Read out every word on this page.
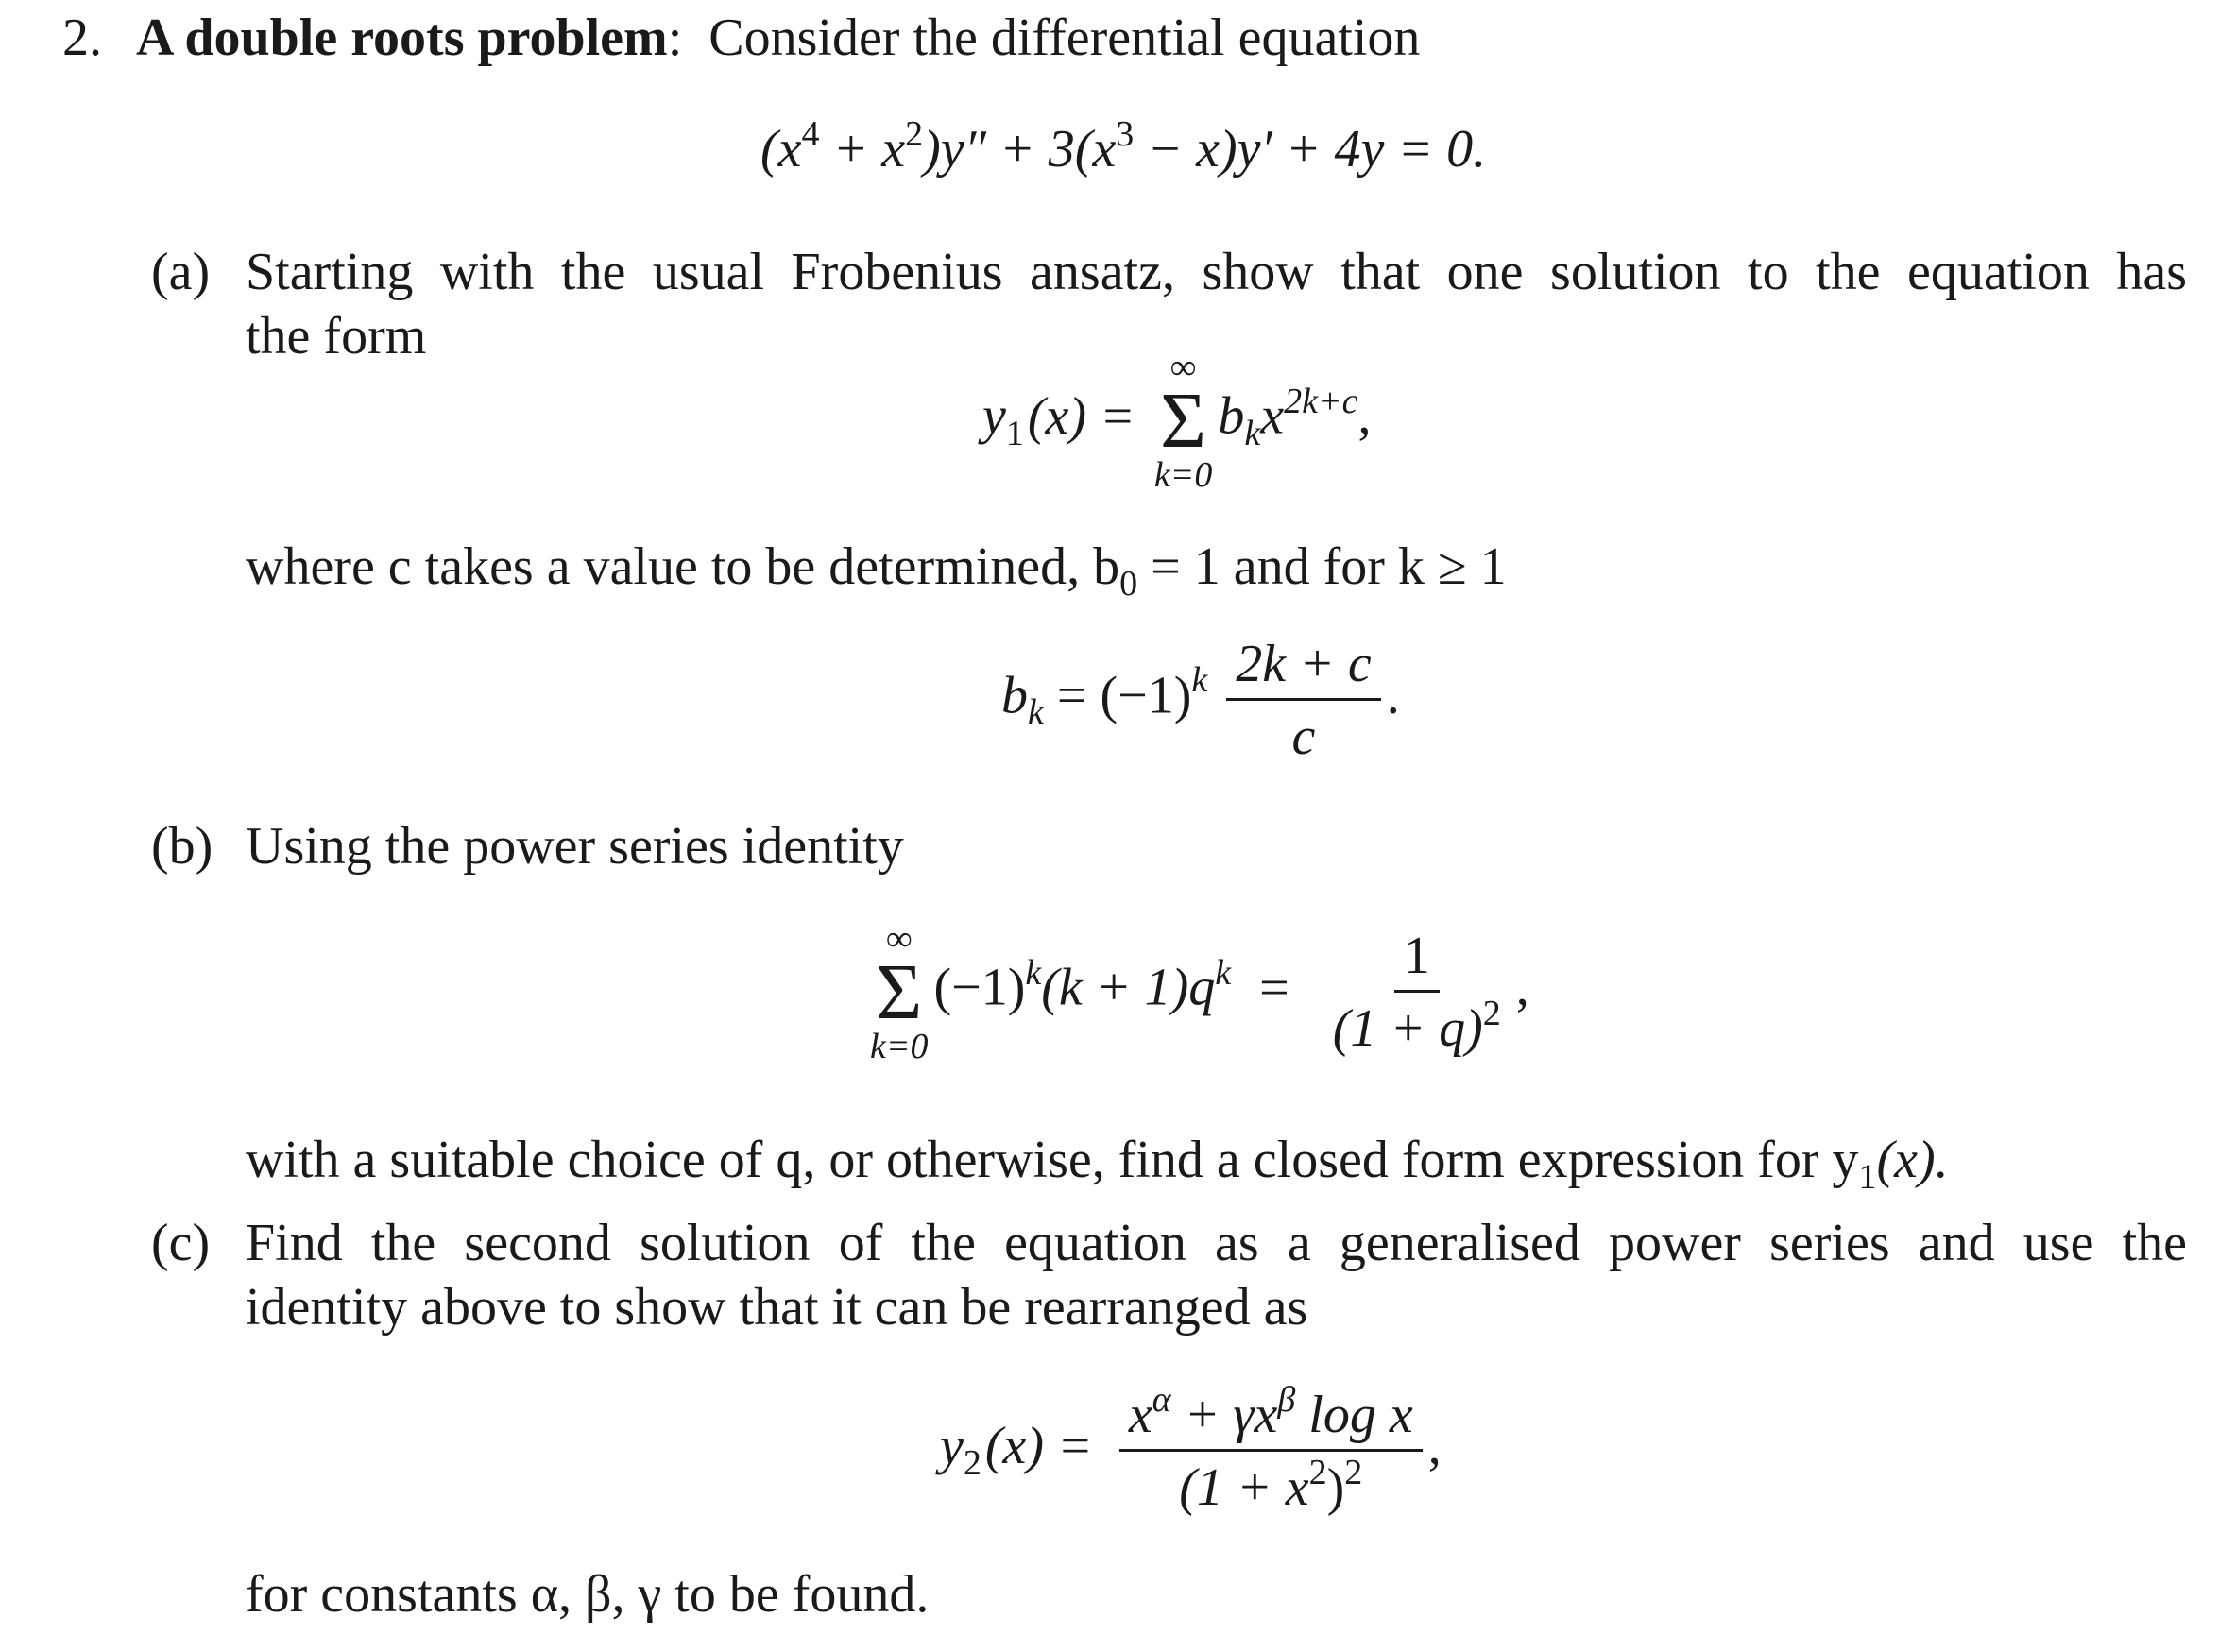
2. A double roots problem: Consider the differential equation
$(x^4 + x^2)y'' + 3(x^3 - x)y' + 4y = 0$.
(a) Starting with the usual Frobenius ansatz, show that one solution to the equation has
the form
$y_1(x)$ =
∞
Σ
k=0
$b_kx^{2k+c}$,
where c takes a value to be determined, $b_0 = 1$ and for k ≥ 1
$b_k = (-1)^k \frac{2k + c}{c}$ .
(b) Using the power series identity
∞
Σ
k=0
$(-1)^k(k + 1)q^k = \frac{1}{(1 + q)^2}$ ,
with a suitable choice of q, or otherwise, find a closed form expression for $y_1(x)$.
(c) Find the second solution of the equation as a generalised power series and use the
identity above to show that it can be rearranged as
$y_2(x) = \frac{x^\alpha + \gamma x^\beta \log x}{(1 + x^2)^2}$ ,
for constants α, β, γ to be found.
